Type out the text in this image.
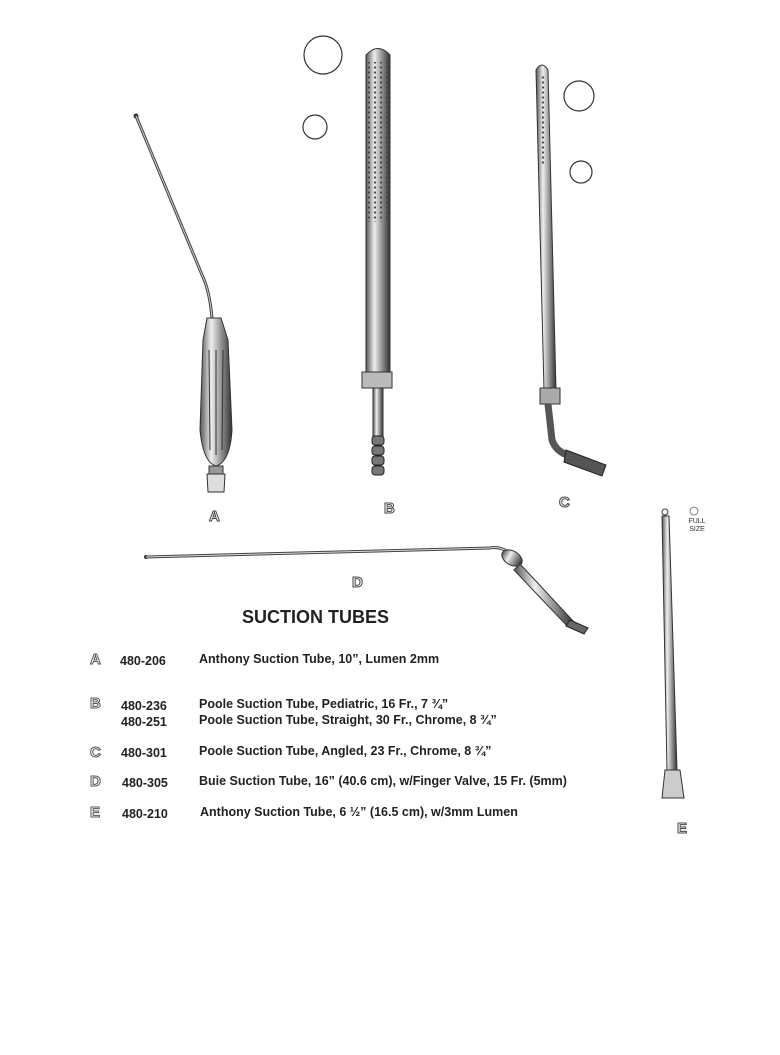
A	B	C
D
E
FULL SIZE
SUCTION TUBES
A 480-206	Anthony Suction Tube, 10”, Lumen 2mm
B 480-236	Poole Suction Tube, Pediatric, 16 Fr., 7 ¾”
480-251	Poole Suction Tube, Straight, 30 Fr., Chrome, 8 ¾”
C 480-301	Poole Suction Tube, Angled, 23 Fr., Chrome, 8 ¾”
D 480-305 Buie Suction Tube, 16” (40.6 cm), w/Finger Valve, 15 Fr. (5mm)
E 480-210	Anthony Suction Tube, 6 ½” (16.5 cm), w/3mm Lumen
